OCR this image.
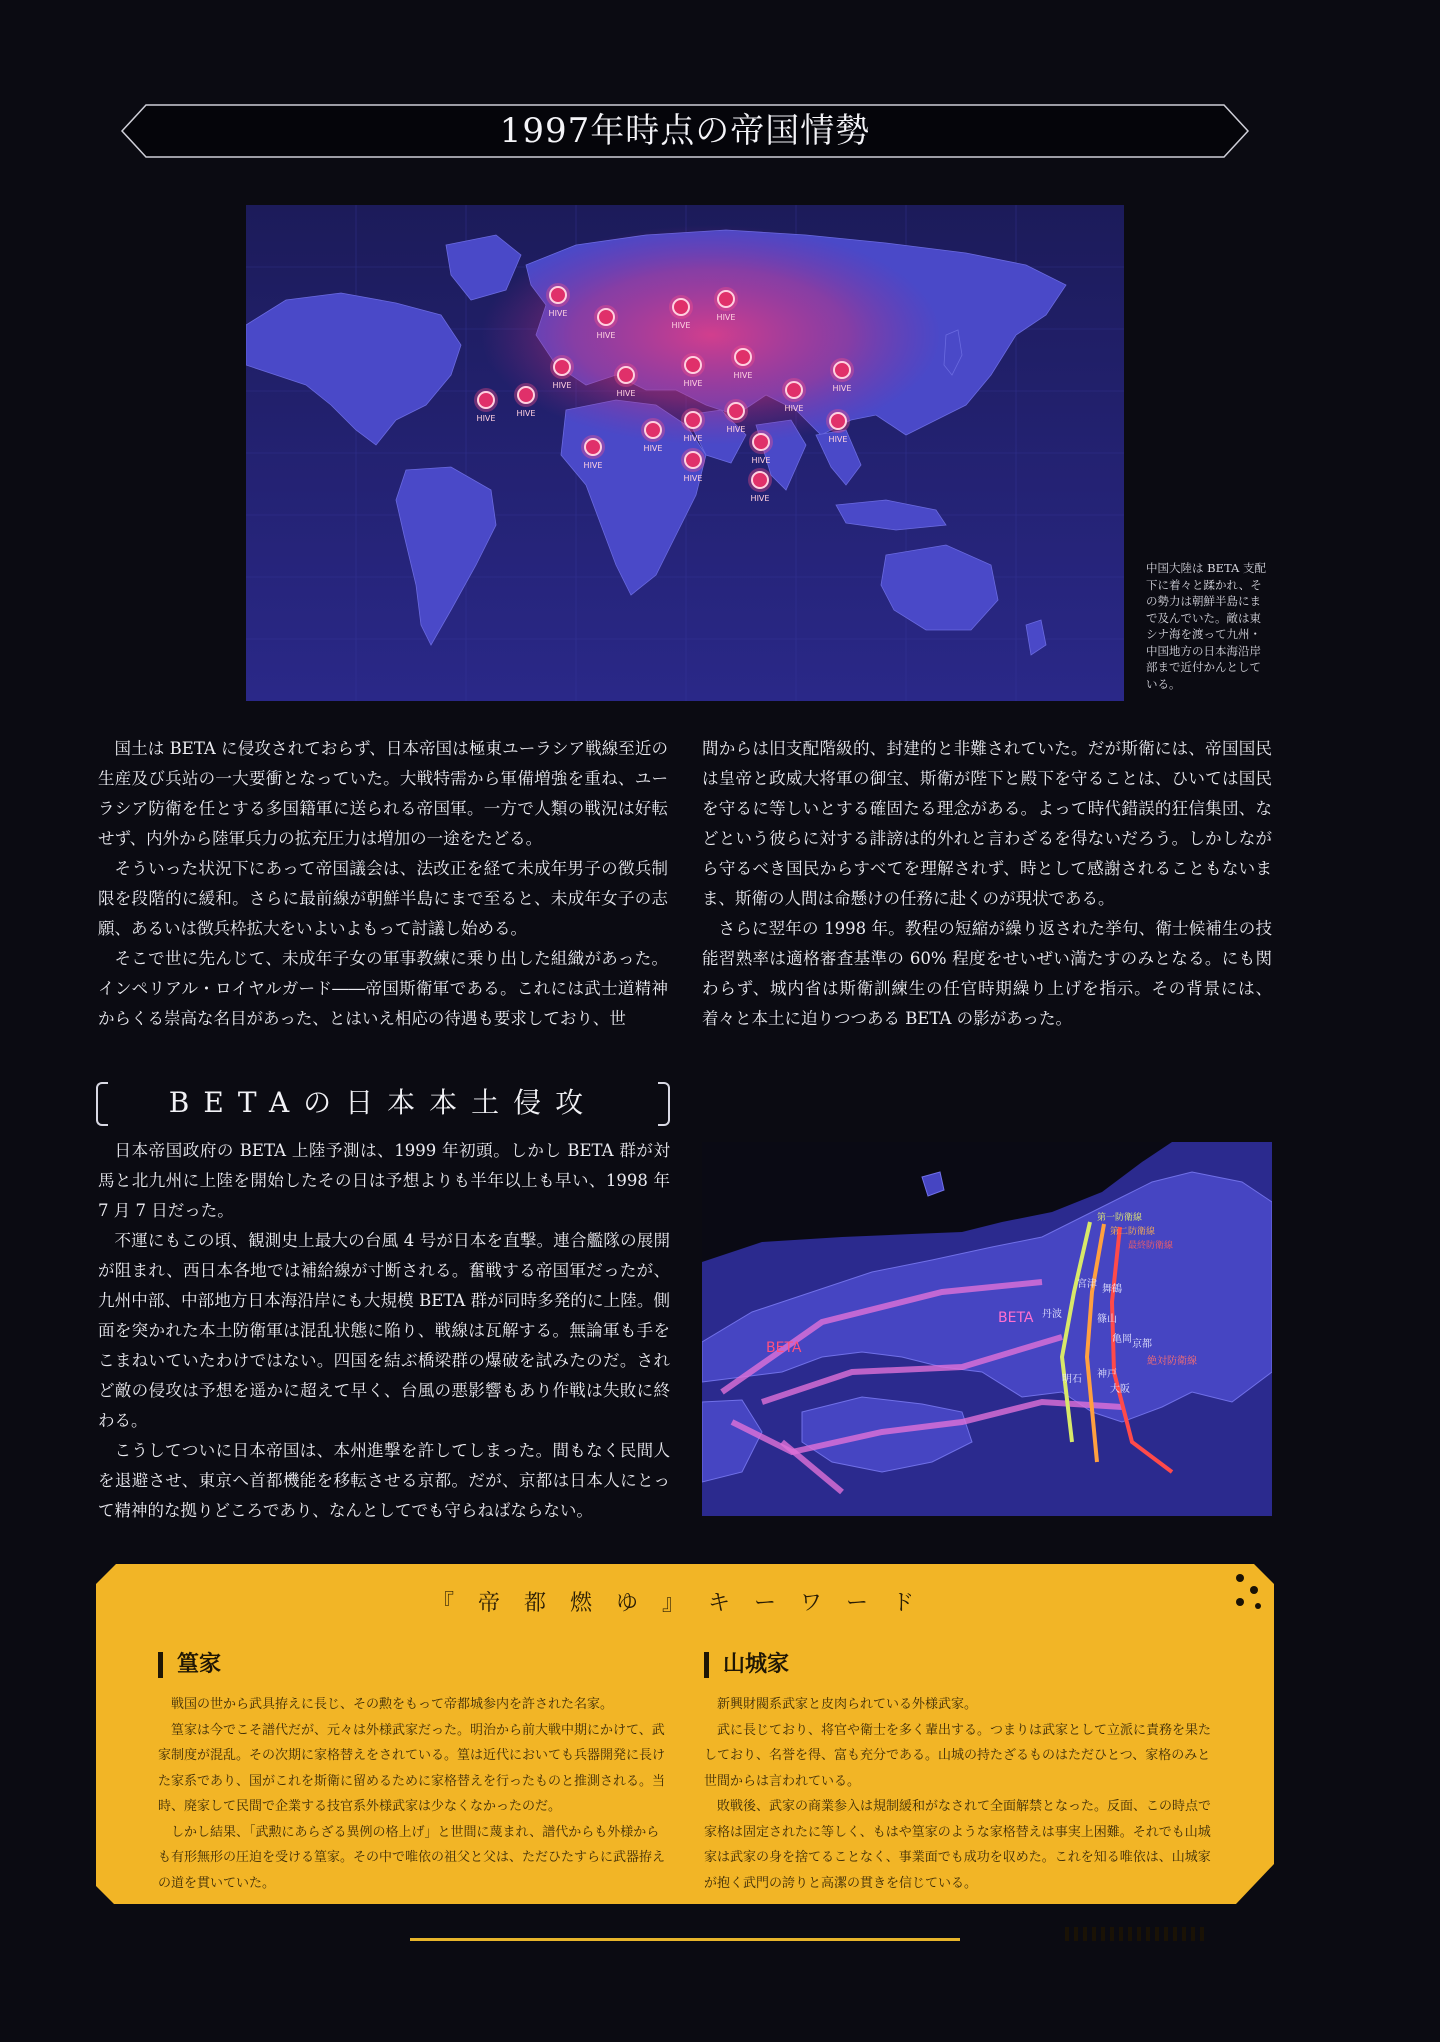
1997年時点の帝国情勢
HIVE
HIVE
HIVE
HIVE
HIVE
HIVE
HIVE
HIVE
HIVE
HIVE
HIVE
HIVE
HIVE
HIVE
HIVE
HIVE
HIVE
HIVE
HIVE
HIVE
中国大陸は BETA 支配下に着々と蹂かれ、その勢力は朝鮮半島にまで及んでいた。敵は東シナ海を渡って九州・中国地方の日本海沿岸部まで近付かんとしている。

国土は BETA に侵攻されておらず、日本帝国は極東ユーラシア戦線至近の生産及び兵站の一大要衝となっていた。大戦特需から軍備増強を重ね、ユーラシア防衛を任とする多国籍軍に送られる帝国軍。一方で人類の戦況は好転せず、内外から陸軍兵力の拡充圧力は増加の一途をたどる。

そういった状況下にあって帝国議会は、法改正を経て未成年男子の徴兵制限を段階的に緩和。さらに最前線が朝鮮半島にまで至ると、未成年女子の志願、あるいは徴兵枠拡大をいよいよもって討議し始める。

そこで世に先んじて、未成年子女の軍事教練に乗り出した組織があった。インペリアル・ロイヤルガード――帝国斯衛軍である。これには武士道精神からくる崇高な名目があった、とはいえ相応の待遇も要求しており、世

間からは旧支配階級的、封建的と非難されていた。だが斯衛には、帝国国民は皇帝と政威大将軍の御宝、斯衛が陛下と殿下を守ることは、ひいては国民を守るに等しいとする確固たる理念がある。よって時代錯誤的狂信集団、などという彼らに対する誹謗は的外れと言わざるを得ないだろう。しかしながら守るべき国民からすべてを理解されず、時として感謝されることもないまま、斯衛の人間は命懸けの任務に赴くのが現状である。

さらに翌年の 1998 年。教程の短縮が繰り返された挙句、衛士候補生の技能習熟率は適格審査基準の 60% 程度をせいぜい満たすのみとなる。にも関わらず、城内省は斯衛訓練生の任官時期繰り上げを指示。その背景には、着々と本土に迫りつつある BETA の影があった。

BETAの日本本土侵攻

日本帝国政府の BETA 上陸予測は、1999 年初頭。しかし BETA 群が対馬と北九州に上陸を開始したその日は予想よりも半年以上も早い、1998 年 7 月 7 日だった。

不運にもこの頃、観測史上最大の台風 4 号が日本を直撃。連合艦隊の展開が阻まれ、西日本各地では補給線が寸断される。奮戦する帝国軍だったが、九州中部、中部地方日本海沿岸にも大規模 BETA 群が同時多発的に上陸。側面を突かれた本土防衛軍は混乱状態に陥り、戦線は瓦解する。無論軍も手をこまねいていたわけではない。四国を結ぶ橋梁群の爆破を試みたのだ。されど敵の侵攻は予想を遥かに超えて早く、台風の悪影響もあり作戦は失敗に終わる。

こうしてついに日本帝国は、本州進撃を許してしまった。間もなく民間人を退避させ、東京へ首都機能を移転させる京都。だが、京都は日本人にとって精神的な拠りどころであり、なんとしてでも守らねばならない。

BETA
BETA
第一防衛線
第二防衛線
最終防衛線
宮津 舞鶴
丹波	篠山
亀岡 京都
神戸
大阪
明石
絶対防衛線
『帝都燃ゆ』キーワード
篁家

戦国の世から武具拵えに長じ、その勲をもって帝都城参内を許された名家。

篁家は今でこそ譜代だが、元々は外様武家だった。明治から前大戦中期にかけて、武家制度が混乱。その次期に家格替えをされている。篁は近代においても兵器開発に長けた家系であり、国がこれを斯衛に留めるために家格替えを行ったものと推測される。当時、廃家して民間で企業する技官系外様武家は少なくなかったのだ。

しかし結果、「武勲にあらざる異例の格上げ」と世間に蔑まれ、譜代からも外様からも有形無形の圧迫を受ける篁家。その中で唯依の祖父と父は、ただひたすらに武器拵えの道を貫いていた。

山城家

新興財閥系武家と皮肉られている外様武家。

武に長じており、将官や衛士を多く輩出する。つまりは武家として立派に責務を果たしており、名誉を得、富も充分である。山城の持たざるものはただひとつ、家格のみと世間からは言われている。

敗戦後、武家の商業参入は規制緩和がなされて全面解禁となった。反面、この時点で家格は固定されたに等しく、もはや篁家のような家格替えは事実上困難。それでも山城家は武家の身を捨てることなく、事業面でも成功を収めた。これを知る唯依は、山城家が抱く武門の誇りと高潔の貫きを信じている。
